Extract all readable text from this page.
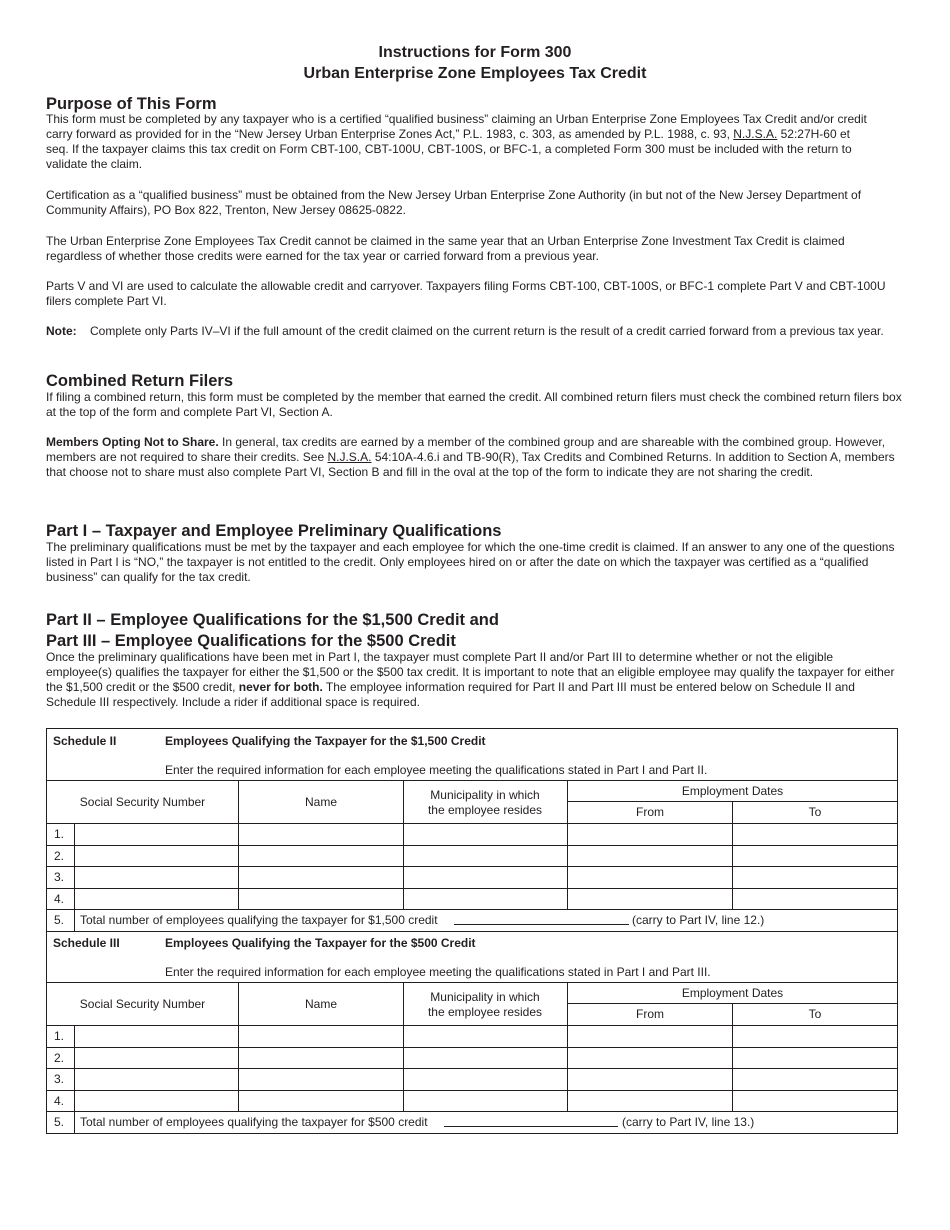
Instructions for Form 300
Urban Enterprise Zone Employees Tax Credit
Purpose of This Form
This form must be completed by any taxpayer who is a certified “qualified business” claiming an Urban Enterprise Zone Employees Tax Credit and/or credit
carry forward as provided for in the “New Jersey Urban Enterprise Zones Act,” P.L. 1983, c. 303, as amended by P.L. 1988, c. 93, N.J.S.A. 52:27H-60 et
seq. If the taxpayer claims this tax credit on Form CBT-100, CBT-100U, CBT-100S, or BFC-1, a completed Form 300 must be included with the return to
validate the claim.
Certification as a “qualified business” must be obtained from the New Jersey Urban Enterprise Zone Authority (in but not of the New Jersey Department of Community Affairs), PO Box 822, Trenton, New Jersey 08625-0822.
The Urban Enterprise Zone Employees Tax Credit cannot be claimed in the same year that an Urban Enterprise Zone Investment Tax Credit is claimed regardless of whether those credits were earned for the tax year or carried forward from a previous year.
Parts V and VI are used to calculate the allowable credit and carryover. Taxpayers filing Forms CBT-100, CBT-100S, or BFC-1 complete Part V and CBT-100U filers complete Part VI.
Note: Complete only Parts IV–VI if the full amount of the credit claimed on the current return is the result of a credit carried forward from a previous tax year.
Combined Return Filers
If filing a combined return, this form must be completed by the member that earned the credit. All combined return filers must check the combined return filers box at the top of the form and complete Part VI, Section A.
Members Opting Not to Share. In general, tax credits are earned by a member of the combined group and are shareable with the combined group. However, members are not required to share their credits. See N.J.S.A. 54:10A-4.6.i and TB-90(R), Tax Credits and Combined Returns. In addition to Section A, members that choose not to share must also complete Part VI, Section B and fill in the oval at the top of the form to indicate they are not sharing the credit.
Part I – Taxpayer and Employee Preliminary Qualifications
The preliminary qualifications must be met by the taxpayer and each employee for which the one-time credit is claimed. If an answer to any one of the questions listed in Part I is “NO,” the taxpayer is not entitled to the credit. Only employees hired on or after the date on which the taxpayer was certified as a “qualified business” can qualify for the tax credit.
Part II – Employee Qualifications for the $1,500 Credit and
Part III – Employee Qualifications for the $500 Credit
Once the preliminary qualifications have been met in Part I, the taxpayer must complete Part II and/or Part III to determine whether or not the eligible employee(s) qualifies the taxpayer for either the $1,500 or the $500 tax credit. It is important to note that an eligible employee may qualify the taxpayer for either the $1,500 credit or the $500 credit, never for both. The employee information required for Part II and Part III must be entered below on Schedule II and Schedule III respectively. Include a rider if additional space is required.
Schedule II	Employees Qualifying the Taxpayer for the $1,500 Credit
Enter the required information for each employee meeting the qualifications stated in Part I and Part II.
Social Security Number	Name	Municipality in which
the employee resides
Employment Dates
From	To
1.
2.
3.
4.
5. Total number of employees qualifying the taxpayer for $1,500 credit	(carry to Part IV, line 12.)
Schedule III	Employees Qualifying the Taxpayer for the $500 Credit
Enter the required information for each employee meeting the qualifications stated in Part I and Part III.
Social Security Number	Name	Municipality in which
the employee resides
Employment Dates
From	To
1.
2.
3.
4.
5. Total number of employees qualifying the taxpayer for $500 credit	(carry to Part IV, line 13.)
